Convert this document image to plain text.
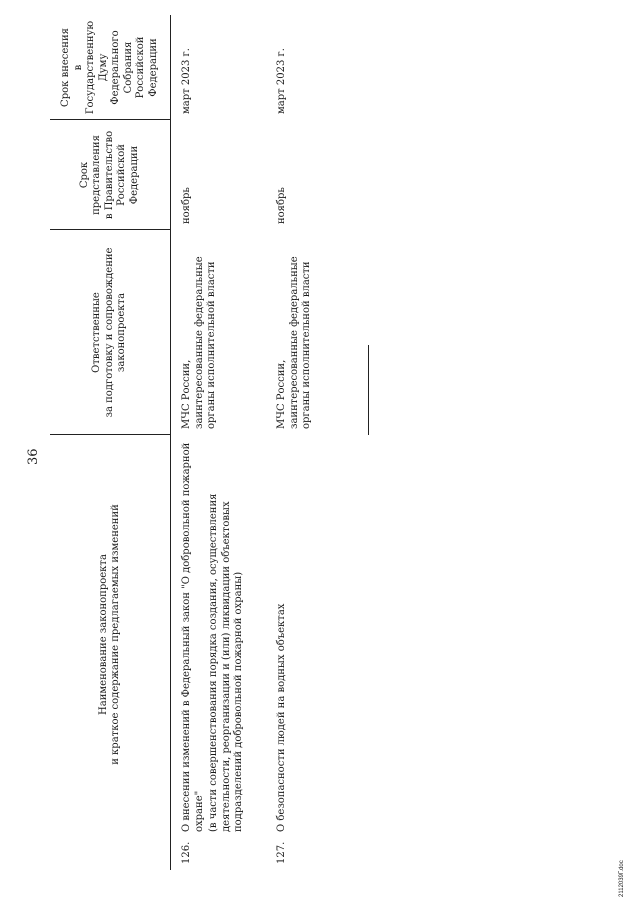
36
Наименование законопроекта
и краткое содержание предлагаемых изменений
Ответственные
за подготовку и сопровождение
законопроекта
Срок
представления
в Правительство
Российской
Федерации
Срок внесения
в Государственную
Думу
Федерального
Собрания
Российской
Федерации
126.

О внесении изменений в Федеральный закон "О добровольной пожарной охране" (в части совершенствования порядка создания, осуществления деятельности, реорганизации и (или) ликвидации объектовых подразделений добровольной пожарной охраны)

МЧС России,
заинтересованные федеральные
органы исполнительной власти
ноябрь
март 2023 г.
127.

О безопасности людей на водных объектах

МЧС России,
заинтересованные федеральные
органы исполнительной власти
ноябрь
март 2023 г.
2112039Г.doc
